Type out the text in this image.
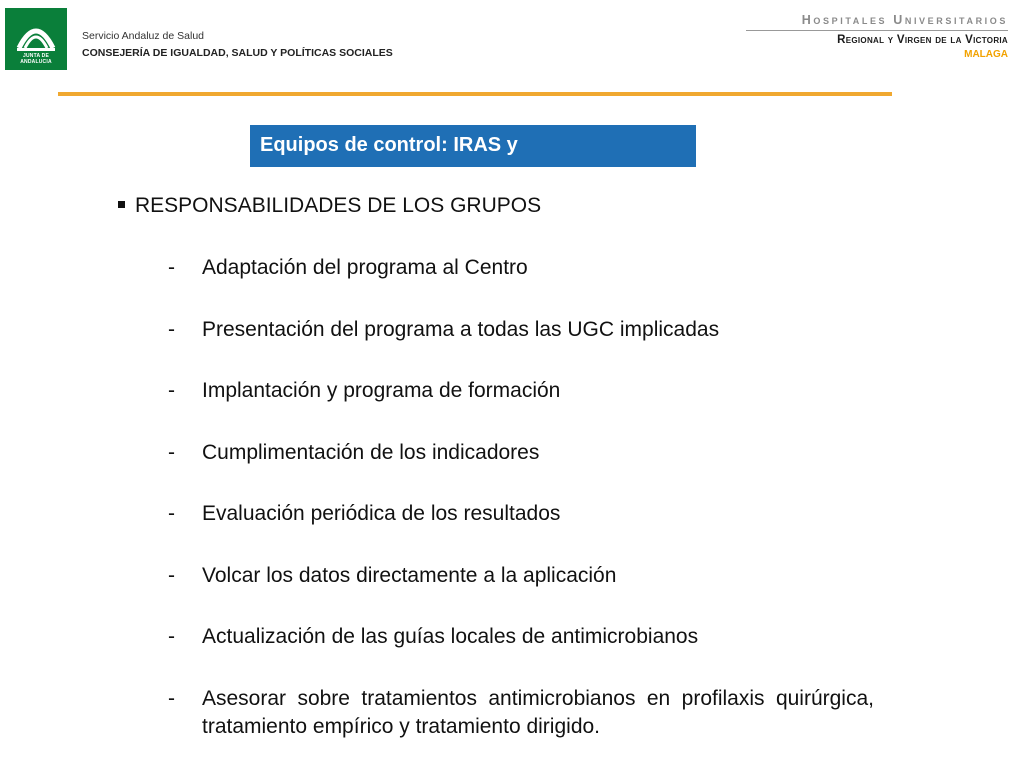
JUNTA DE ANDALUCIA
Servicio Andaluz de Salud
CONSEJERÍA DE IGUALDAD, SALUD Y POLÍTICAS SOCIALES
Hospitales Universitarios
Regional y Virgen de la Victoria
MALAGA
Equipos de control: IRAS y
RESPONSABILIDADES DE LOS GRUPOS
- Adaptación del programa al Centro
- Presentación del programa a todas las UGC implicadas
- Implantación y programa de formación
- Cumplimentación de los indicadores
- Evaluación periódica de los resultados
- Volcar los datos directamente a la aplicación
- Actualización de las guías locales de antimicrobianos
- Asesorar sobre tratamientos antimicrobianos en profilaxis quirúrgica, tratamiento empírico y tratamiento dirigido.
